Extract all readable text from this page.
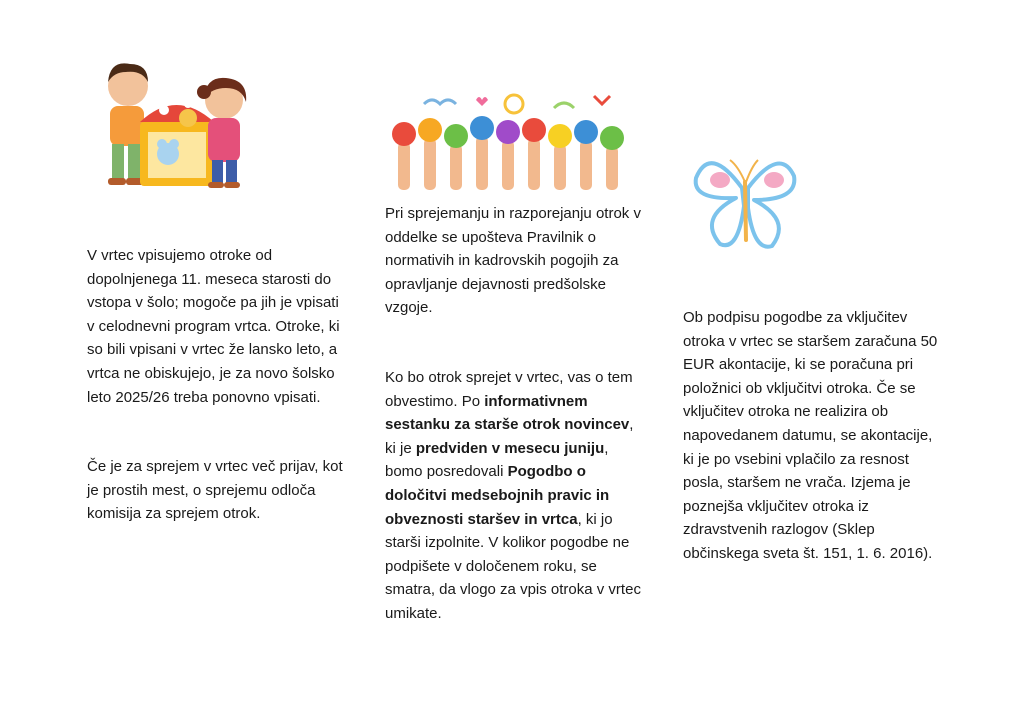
V vrtec vpisujemo otroke od dopolnjenega 11. meseca starosti do vstopa v šolo; mogoče pa jih je vpisati v celodnevni program vrtca. Otroke, ki so bili vpisani v vrtec že lansko leto, a vrtca ne obiskujejo, je za novo šolsko leto 2025/26 treba ponovno vpisati.

Če je za sprejem v vrtec več prijav, kot je prostih mest, o sprejemu odloča komisija za sprejem otrok.

Pri sprejemanju in razporejanju otrok v oddelke se upošteva Pravilnik o normativih in kadrovskih pogojih za opravljanje dejavnosti predšolske vzgoje.

Ko bo otrok sprejet v vrtec, vas o tem obvestimo. Po informativnem sestanku za starše otrok novincev, ki je predviden v mesecu juniju, bomo posredovali Pogodbo o določitvi medsebojnih pravic in obveznosti staršev in vrtca, ki jo starši izpolnite. V kolikor pogodbe ne podpišete v določenem roku, se smatra, da vlogo za vpis otroka v vrtec umikate.

Ob podpisu pogodbe za vključitev otroka v vrtec se staršem zaračuna 50 EUR akontacije, ki se poračuna pri položnici ob vključitvi otroka. Če se vključitev otroka ne realizira ob napovedanem datumu, se akontacije, ki je po vsebini vplačilo za resnost posla, staršem ne vrača. Izjema je poznejša vključitev otroka iz zdravstvenih razlogov (Sklep občinskega sveta št. 151, 1. 6. 2016).
